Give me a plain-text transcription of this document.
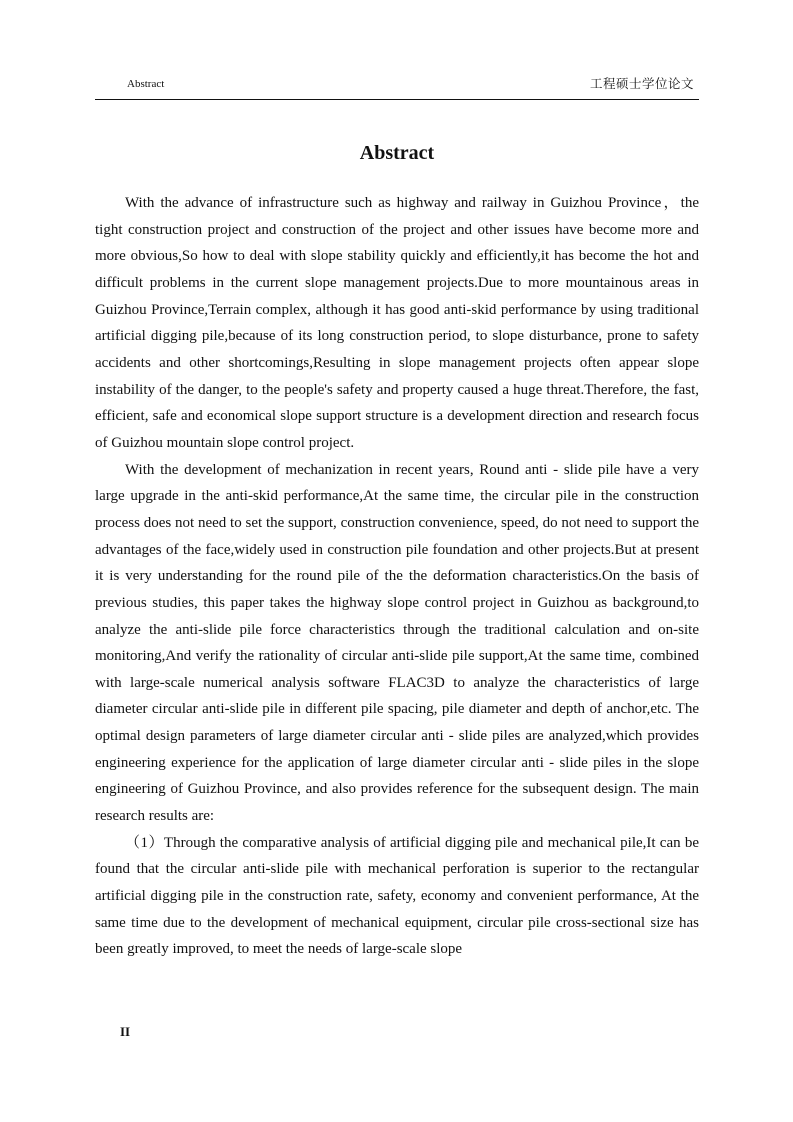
Abstract	工程硕士学位论文
Abstract

With the advance of infrastructure such as highway and railway in Guizhou Province，the tight construction project and construction of the project and other issues have become more and more obvious,So how to deal with slope stability quickly and efficiently,it has become the hot and difficult problems in the current slope management projects.Due to more mountainous areas in Guizhou Province,Terrain complex, although it has good anti-skid performance by using traditional artificial digging pile,because of its long construction period, to slope disturbance, prone to safety accidents and other shortcomings,Resulting in slope management projects often appear slope instability of the danger, to the people's safety and property caused a huge threat.Therefore, the fast, efficient, safe and economical slope support structure is a development direction and research focus of Guizhou mountain slope control project.

With the development of mechanization in recent years, Round anti - slide pile have a very large upgrade in the anti-skid performance,At the same time, the circular pile in the construction process does not need to set the support, construction convenience, speed, do not need to support the advantages of the face,widely used in construction pile foundation and other projects.But at present it is very understanding for the round pile of the the deformation characteristics.On the basis of previous studies, this paper takes the highway slope control project in Guizhou as background,to analyze the anti-slide pile force characteristics through the traditional calculation and on-site monitoring,And verify the rationality of circular anti-slide pile support,At the same time, combined with large-scale numerical analysis software FLAC3D to analyze the characteristics of large diameter circular anti-slide pile in different pile spacing, pile diameter and depth of anchor,etc. The optimal design parameters of large diameter circular anti - slide piles are analyzed,which provides engineering experience for the application of large diameter circular anti - slide piles in the slope engineering of Guizhou Province, and also provides reference for the subsequent design. The main research results are:

（1）Through the comparative analysis of artificial digging pile and mechanical pile,It can be found that the circular anti-slide pile with mechanical perforation is superior to the rectangular artificial digging pile in the construction rate, safety, economy and convenient performance, At the same time due to the development of mechanical equipment, circular pile cross-sectional size has been greatly improved, to meet the needs of large-scale slope

II
